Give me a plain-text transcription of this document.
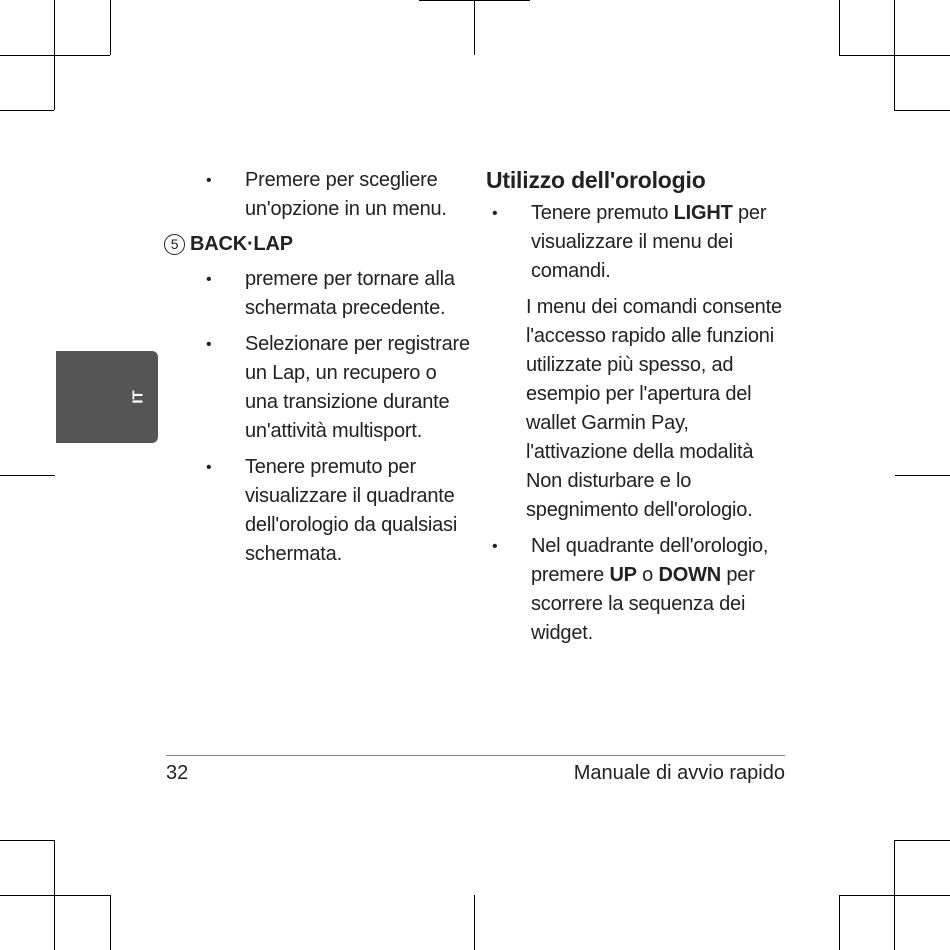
IT
• Premere per scegliere un'opzione in un menu.
5 BACK·LAP
• premere per tornare alla schermata precedente.
• Selezionare per registrare un Lap, un recupero o una transizione durante un'attività multisport.
• Tenere premuto per visualizzare il quadrante dell'orologio da qualsiasi schermata.
Utilizzo dell'orologio
• Tenere premuto LIGHT per visualizzare il menu dei comandi.
I menu dei comandi consente l'accesso rapido alle funzioni utilizzate più spesso, ad esempio per l'apertura del wallet Garmin Pay, l'attivazione della modalità Non disturbare e lo spegnimento dell'orologio.
• Nel quadrante dell'orologio, premere UP o DOWN per scorrere la sequenza dei widget.
32	Manuale di avvio rapido
